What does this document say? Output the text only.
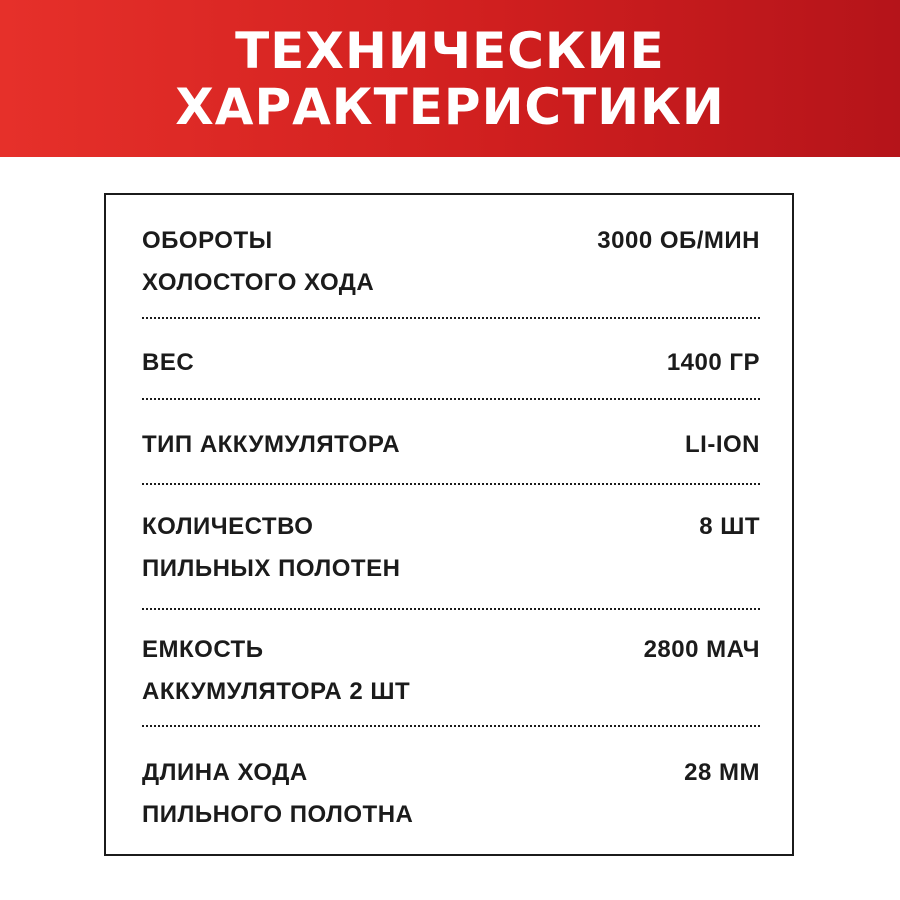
ТЕХНИЧЕСКИЕ
ХАРАКТЕРИСТИКИ
ОБОРОТЫ
ХОЛОСТОГО ХОДА
3000 ОБ/МИН
ВЕС	1400 ГР
ТИП АККУМУЛЯТОРА	LI-ION
КОЛИЧЕСТВО
ПИЛЬНЫХ ПОЛОТЕН
8 ШТ
ЕМКОСТЬ
АККУМУЛЯТОРА 2 ШТ
2800 МАЧ
ДЛИНА ХОДА
ПИЛЬНОГО ПОЛОТНА
28 ММ
